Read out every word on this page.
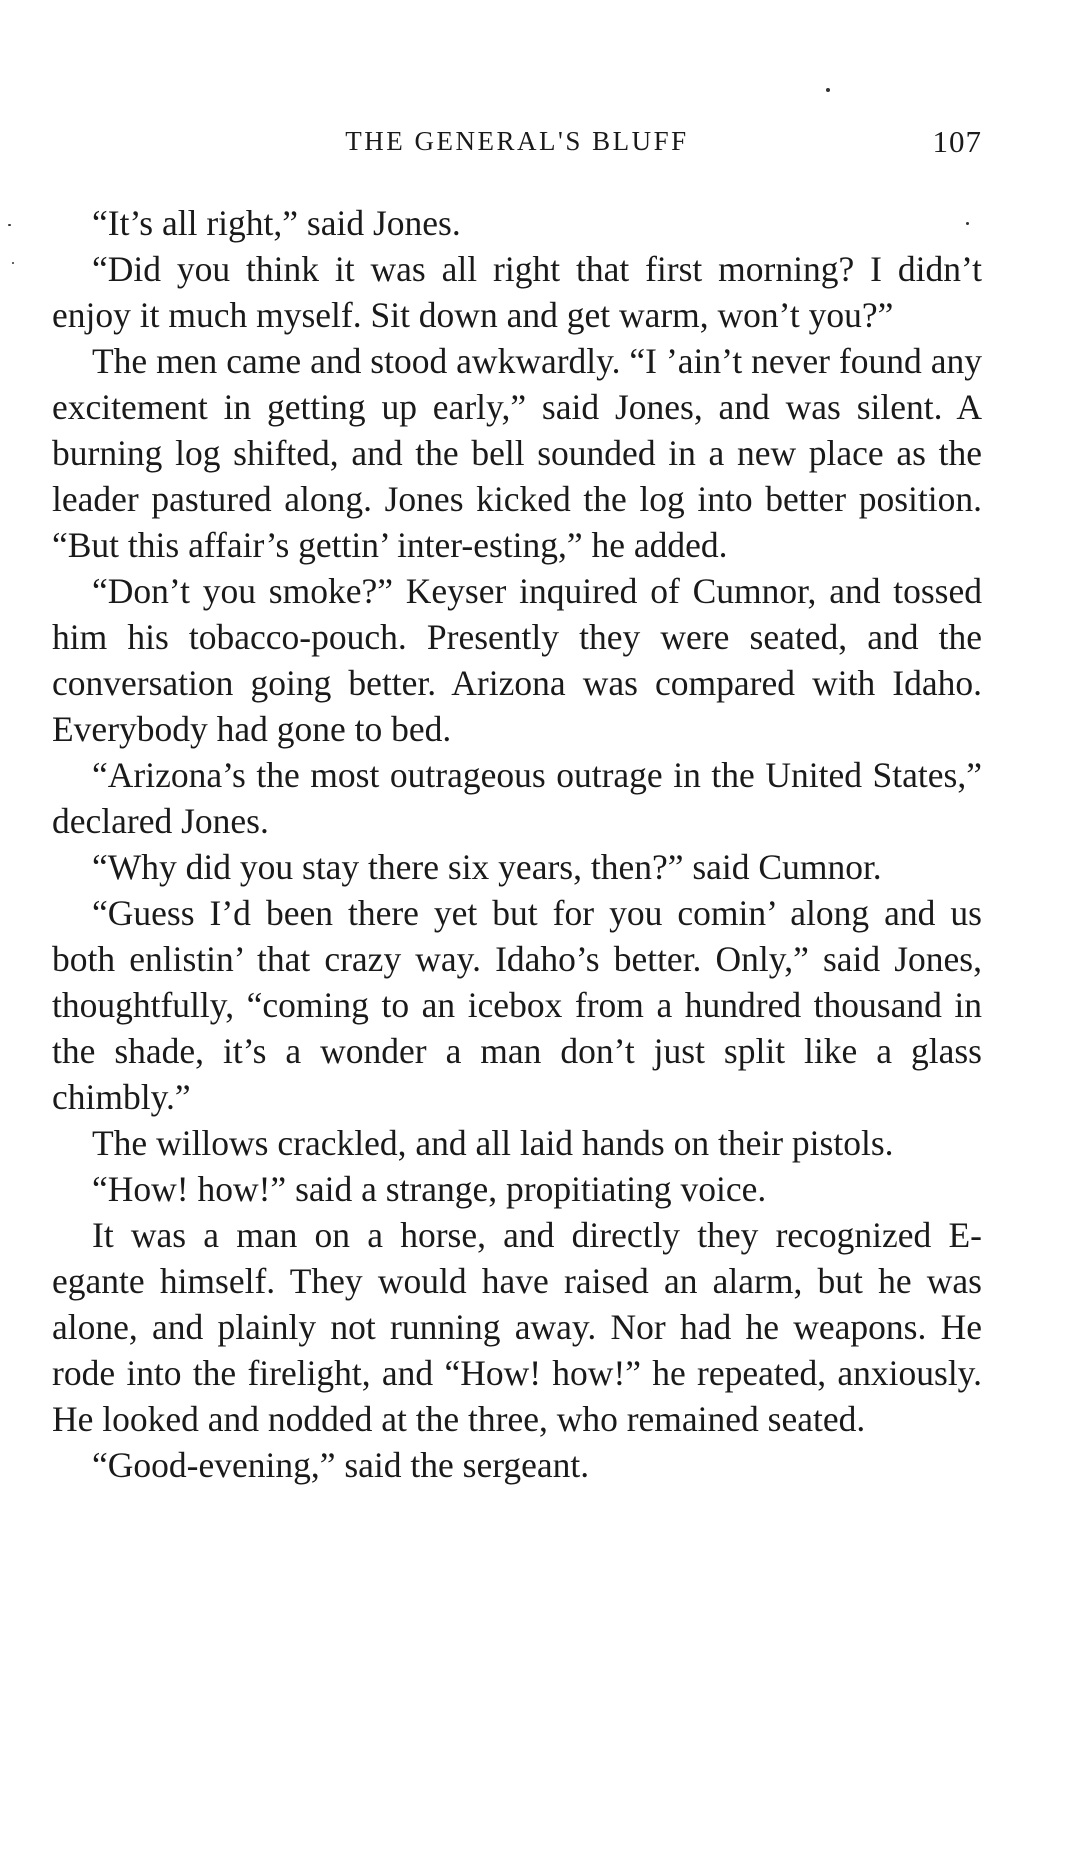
THE GENERAL'S BLUFF	107

“It’s all right,” said Jones.

“Did you think it was all right that first morning? I didn’t enjoy it much myself. Sit down and get warm, won’t you?”

The men came and stood awkwardly. “I ’ain’t never found any excitement in getting up early,” said Jones, and was silent. A burning log shifted, and the bell sounded in a new place as the leader pastured along. Jones kicked the log into better position. “But this affair’s gettin’ inter-esting,” he added.

“Don’t you smoke?” Keyser inquired of Cumnor, and tossed him his tobacco-pouch. Presently they were seated, and the conversation going better. Arizona was compared with Idaho. Everybody had gone to bed.

“Arizona’s the most outrageous outrage in the United States,” declared Jones.

“Why did you stay there six years, then?” said Cumnor.

“Guess I’d been there yet but for you comin’ along and us both enlistin’ that crazy way. Idaho’s better. Only,” said Jones, thoughtfully, “coming to an icebox from a hundred thousand in the shade, it’s a wonder a man don’t just split like a glass chimbly.”

The willows crackled, and all laid hands on their pistols.

“How! how!” said a strange, propitiating voice.

It was a man on a horse, and directly they recognized E-egante himself. They would have raised an alarm, but he was alone, and plainly not running away. Nor had he weapons. He rode into the firelight, and “How! how!” he repeated, anxiously. He looked and nodded at the three, who remained seated.

“Good-evening,” said the sergeant.
